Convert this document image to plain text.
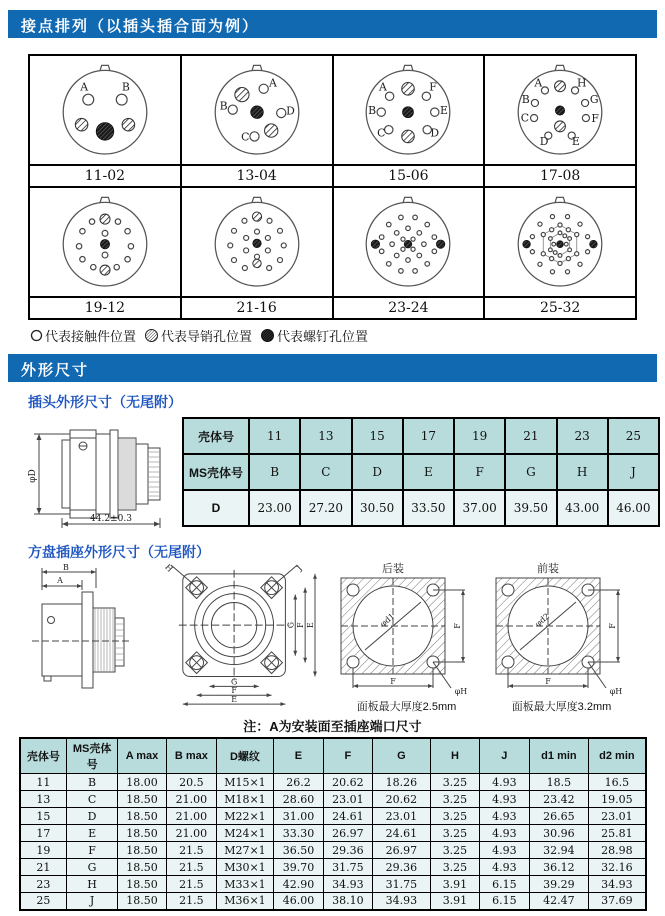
接点排列（以插头插合面为例）

11-02	13-04	15-06	17-08

19-12	21-16	23-24	25-32
代表接触件位置 代表导销孔位置 代表螺钉孔位置
外形尺寸
插头外形尺寸（无尾附）
φD
44.2±0.3
壳体号	11	13	15	17	19	21	23	25
MS壳体号	B	C	D	E	F	G	H	J
D	23.00	27.20	30.50	33.50	37.00	39.50	43.00	46.00
方盘插座外形尺寸（无尾附）
B
A
H	J
G F E
G
F
E
后装
φd1	F
F
φH
面板最大厚度2.5mm
前装
φd2	F
F
φH
面板最大厚度3.2mm
注：A为安装面至插座端口尺寸
壳体号	MS壳体号	A max	B max	D螺纹	E	F	G	H	J	d1 min	d2 min
11	B	18.00	20.5	M15×1	26.2	20.62	18.26	3.25	4.93	18.5	16.5
13	C	18.50	21.00	M18×1	28.60	23.01	20.62	3.25	4.93	23.42	19.05
15	D	18.50	21.00	M22×1	31.00	24.61	23.01	3.25	4.93	26.65	23.01
17	E	18.50	21.00	M24×1	33.30	26.97	24.61	3.25	4.93	30.96	25.81
19	F	18.50	21.5	M27×1	36.50	29.36	26.97	3.25	4.93	32.94	28.98
21	G	18.50	21.5	M30×1	39.70	31.75	29.36	3.25	4.93	36.12	32.16
23	H	18.50	21.5	M33×1	42.90	34.93	31.75	3.91	6.15	39.29	34.93
25	J	18.50	21.5	M36×1	46.00	38.10	34.93	3.91	6.15	42.47	37.69
